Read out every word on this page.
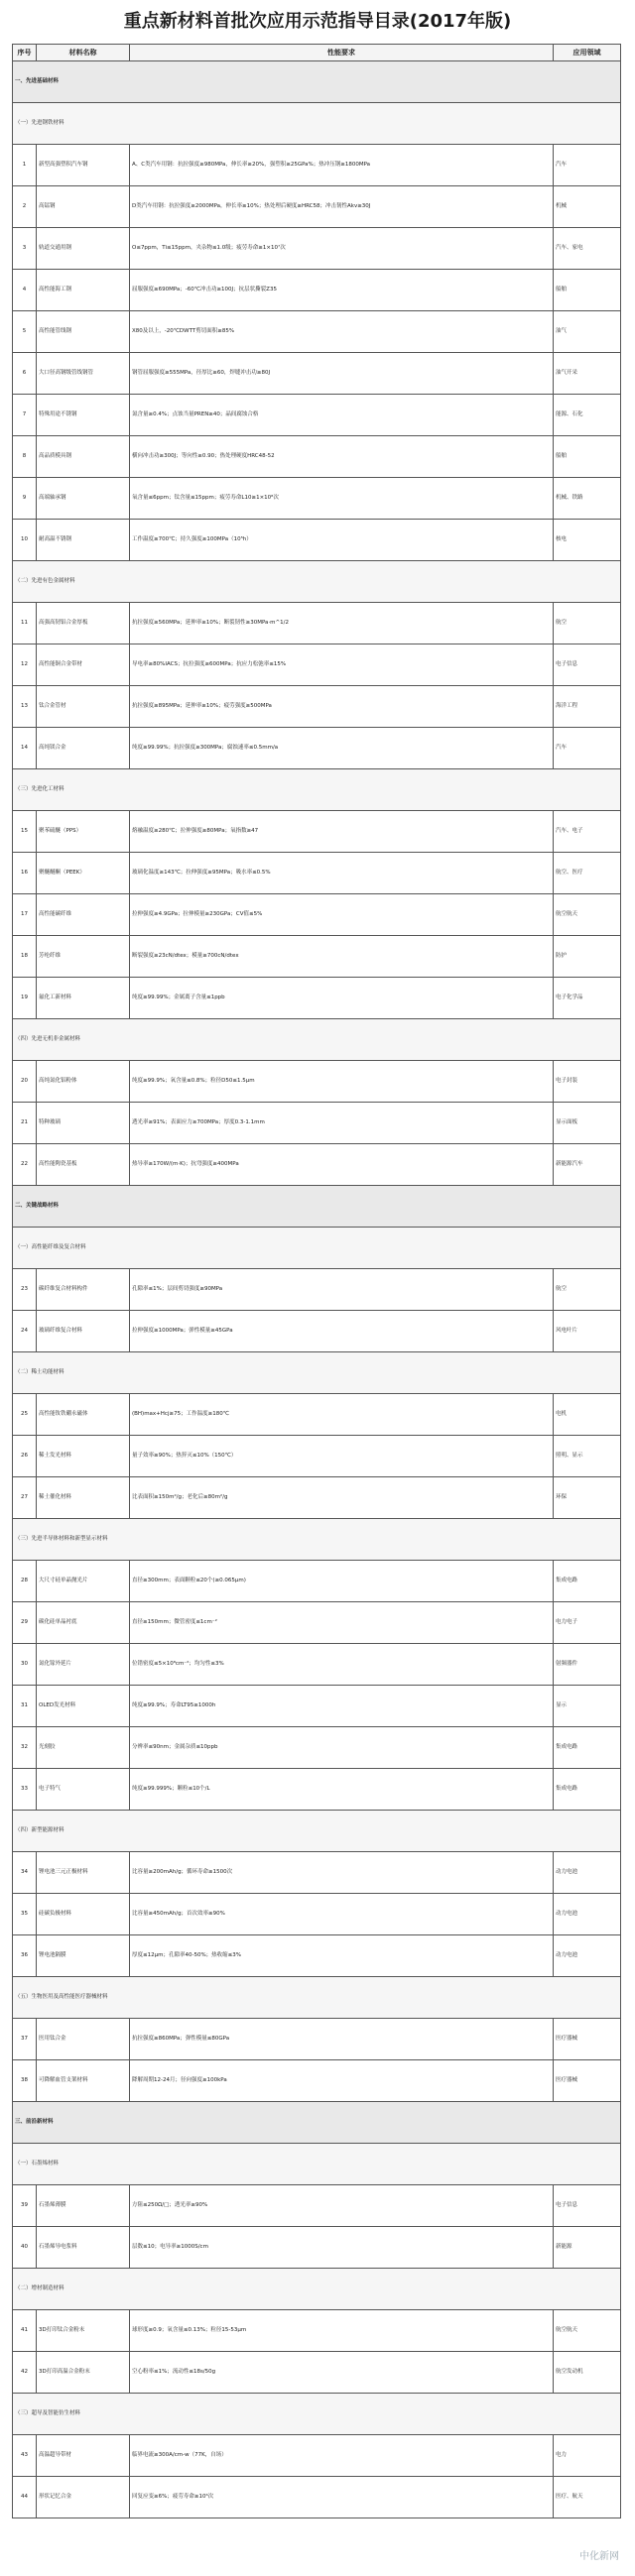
重点新材料首批次应用示范指导目录(2017年版)
序号	材料名称	性能要求	应用领域
一、先进基础材料			
（一）先进钢铁材料			
1	新型高强塑积汽车钢	A、C类汽车用钢：抗拉强度≥980MPa，伸长率≥20%，强塑积≥25GPa%；热冲压钢≥1800MPa	汽车
2	高锰钢	D类汽车用钢：抗拉强度≥2000MPa，伸长率≥10%；热处理后硬度≥HRC58；冲击韧性Akv≥30J	机械
3	轨道交通用钢	O≤7ppm，Ti≤15ppm，夹杂物≤1.0级；疲劳寿命≥1×10⁷次	汽车、家电
4	高性能海工钢	屈服强度≥690MPa；-60℃冲击功≥100J；抗层状撕裂Z35	船舶
5	高性能管线钢	X80及以上，-20℃DWTT剪切面积≥85%	油气
6	大口径高钢级管线钢管	钢管屈服强度≥555MPa，径厚比≥60，焊缝冲击功≥80J	油气开采
7	特殊用途不锈钢	氮含量≥0.4%；点蚀当量PREN≥40；晶间腐蚀合格	能源、石化
8	高品质模具钢	横向冲击功≥300J；等向性≥0.90；热处理硬度HRC48-52	船舶
9	高端轴承钢	氧含量≤6ppm；钛含量≤15ppm；疲劳寿命L10≥1×10⁸次	机械、铁路
10	耐高温不锈钢	工作温度≥700℃；持久强度≥100MPa（10⁵h）	核电
（二）先进有色金属材料			
11	高强高韧铝合金厚板	抗拉强度≥560MPa；延伸率≥10%；断裂韧性≥30MPa·m^1/2	航空
12	高性能铜合金带材	导电率≥80%IACS；抗拉强度≥600MPa；抗应力松弛率≤15%	电子信息
13	钛合金管材	抗拉强度≥895MPa；延伸率≥10%；疲劳强度≥500MPa	海洋工程
14	高纯镁合金	纯度≥99.99%；抗拉强度≥300MPa；腐蚀速率≤0.5mm/a	汽车
（三）先进化工材料			
15	聚苯硫醚（PPS）	熔融温度≥280℃；拉伸强度≥80MPa；氧指数≥47	汽车、电子
16	聚醚醚酮（PEEK）	玻璃化温度≥143℃；拉伸强度≥95MPa；吸水率≤0.5%	航空、医疗
17	高性能碳纤维	拉伸强度≥4.9GPa；拉伸模量≥230GPa；CV值≤5%	航空航天
18	芳纶纤维	断裂强度≥23cN/dtex；模量≥700cN/dtex	防护
19	氟化工新材料	纯度≥99.99%；金属离子含量≤1ppb	电子化学品
（四）先进无机非金属材料			
20	高纯氮化铝粉体	纯度≥99.9%；氧含量≤0.8%；粒径D50≤1.5μm	电子封装
21	特种玻璃	透光率≥91%；表面应力≥700MPa；厚度0.3-1.1mm	显示面板
22	高性能陶瓷基板	热导率≥170W/(m·K)；抗弯强度≥400MPa	新能源汽车
二、关键战略材料			
（一）高性能纤维及复合材料			
23	碳纤维复合材料构件	孔隙率≤1%；层间剪切强度≥90MPa	航空
24	玻璃纤维复合材料	拉伸强度≥1000MPa；弹性模量≥45GPa	风电叶片
（二）稀土功能材料			
25	高性能钕铁硼永磁体	(BH)max+Hcj≥75；工作温度≥180℃	电机
26	稀土发光材料	量子效率≥90%；热猝灭≤10%（150℃）	照明、显示
27	稀土催化材料	比表面积≥150m²/g；老化后≥80m²/g	环保
（三）先进半导体材料和新型显示材料			
28	大尺寸硅单晶抛光片	直径≥300mm；表面颗粒≤20个(≥0.065μm)	集成电路
29	碳化硅单晶衬底	直径≥150mm；微管密度≤1cm⁻²	电力电子
30	氮化镓外延片	位错密度≤5×10⁸cm⁻²；均匀性≤3%	射频器件
31	OLED发光材料	纯度≥99.9%；寿命LT95≥1000h	显示
32	光刻胶	分辨率≤90nm；金属杂质≤10ppb	集成电路
33	电子特气	纯度≥99.999%；颗粒≤10个/L	集成电路
（四）新型能源材料			
34	锂电池三元正极材料	比容量≥200mAh/g；循环寿命≥1500次	动力电池
35	硅碳负极材料	比容量≥450mAh/g；首次效率≥90%	动力电池
36	锂电池隔膜	厚度≤12μm；孔隙率40-50%；热收缩≤3%	动力电池
（五）生物医用及高性能医疗器械材料			
37	医用钛合金	抗拉强度≥860MPa；弹性模量≤80GPa	医疗器械
38	可降解血管支架材料	降解周期12-24月；径向强度≥100kPa	医疗器械
三、前沿新材料			
（一）石墨烯材料			
39	石墨烯薄膜	方阻≤250Ω/□；透光率≥90%	电子信息
40	石墨烯导电浆料	层数≤10；电导率≥1000S/cm	新能源
（二）增材制造材料			
41	3D打印钛合金粉末	球形度≥0.9；氧含量≤0.13%；粒径15-53μm	航空航天
42	3D打印高温合金粉末	空心粉率≤1%；流动性≤18s/50g	航空发动机
（三）超导及智能仿生材料			
43	高温超导带材	临界电流≥300A/cm-w（77K，自场）	电力
44	形状记忆合金	回复应变≥6%；疲劳寿命≥10⁶次	医疗、航天
中化新网
